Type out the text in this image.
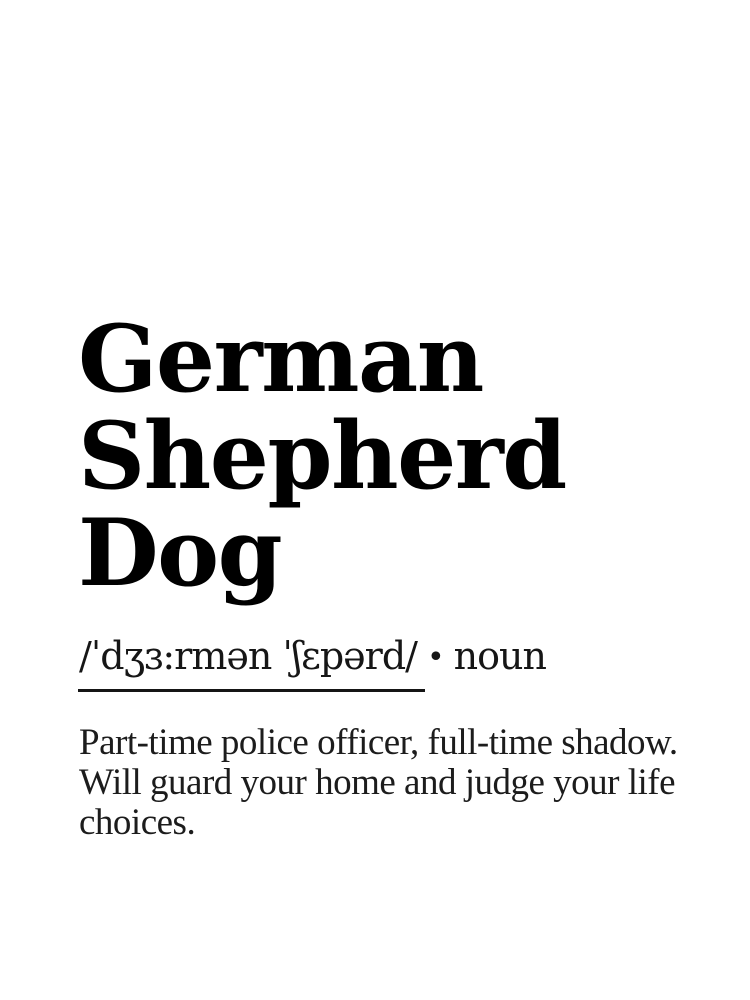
German
Shepherd
Dog
/ˈdʒɜ:rmən ˈʃɛpərd/ • noun

Part-time police officer, full-time shadow.
Will guard your home and judge your life
choices.
